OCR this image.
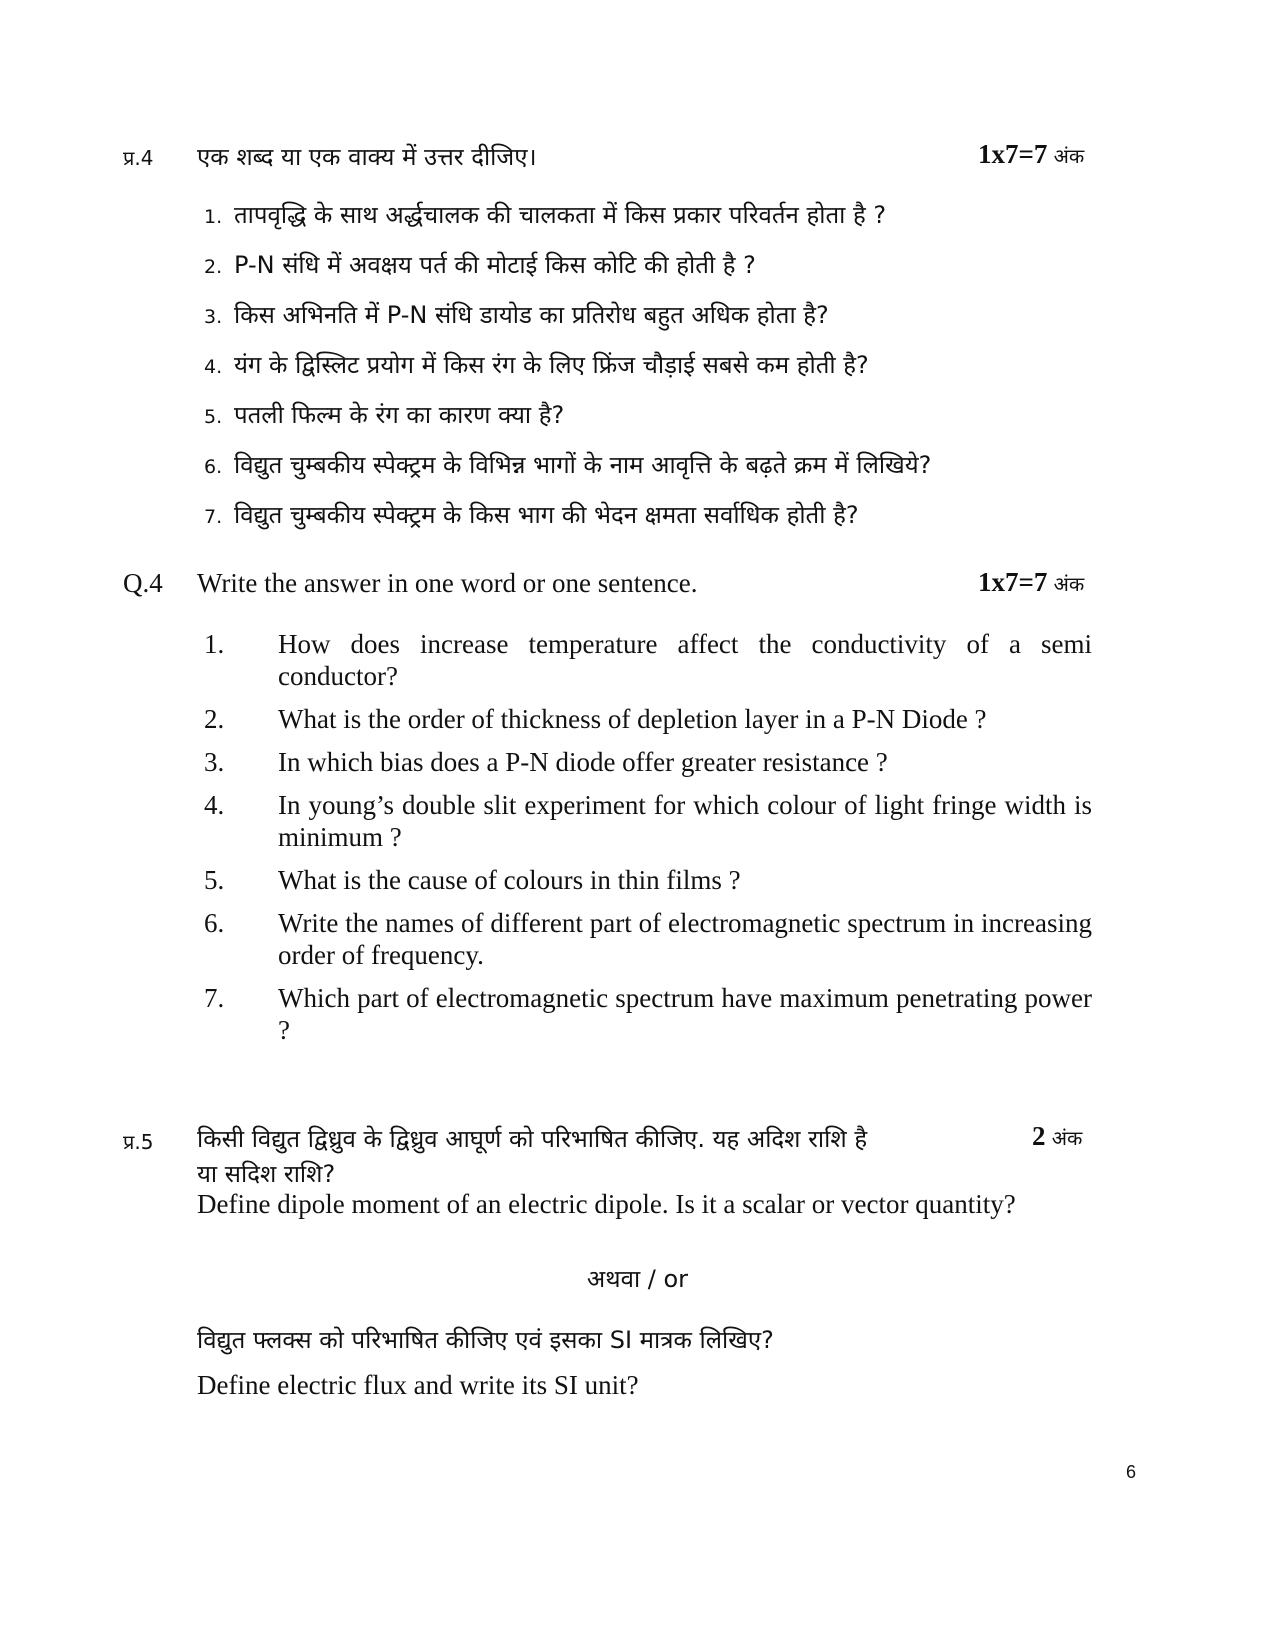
प्र.4 एक शब्द या एक वाक्य में उत्तर दीजिए।	1x7=7 अंक
1. तापवृद्धि के साथ अर्द्धचालक की चालकता में किस प्रकार परिवर्तन होता है ?
2. P-N संधि में अवक्षय पर्त की मोटाई किस कोटि की होती है ?
3. किस अभिनति में P-N संधि डायोड का प्रतिरोध बहुत अधिक होता है?
4. यंग के द्विस्लिट प्रयोग में किस रंग के लिए फ्रिंज चौड़ाई सबसे कम होती है?
5. पतली फिल्म के रंग का कारण क्या है?
6. विद्युत चुम्बकीय स्पेक्ट्रम के विभिन्न भागों के नाम आवृत्ति के बढ़ते क्रम में लिखिये?
7. विद्युत चुम्बकीय स्पेक्ट्रम के किस भाग की भेदन क्षमता सर्वाधिक होती है?
Q.4 Write the answer in one word or one sentence.	1x7=7 अंक
1.	How does increase temperature affect the conductivity of a semi conductor?
2.	What is the order of thickness of depletion layer in a P-N Diode ?
3.	In which bias does a P-N diode offer greater resistance ?
4.	In young’s double slit experiment for which colour of light fringe width is minimum ?
5.	What is the cause of colours in thin films ?
6.	Write the names of different part of electromagnetic spectrum in increasing order of frequency.
7.	Which part of electromagnetic spectrum have maximum penetrating power ?
प्र.5 किसी विद्युत द्विध्रुव के द्विध्रुव आघूर्ण को परिभाषित कीजिए. यह अदिश राशि है
या सदिश राशि?
2 अंक
Define dipole moment of an electric dipole. Is it a scalar or vector quantity?
अथवा / or
विद्युत फ्लक्स को परिभाषित कीजिए एवं इसका SI मात्रक लिखिए?
Define electric flux and write its SI unit?
6
